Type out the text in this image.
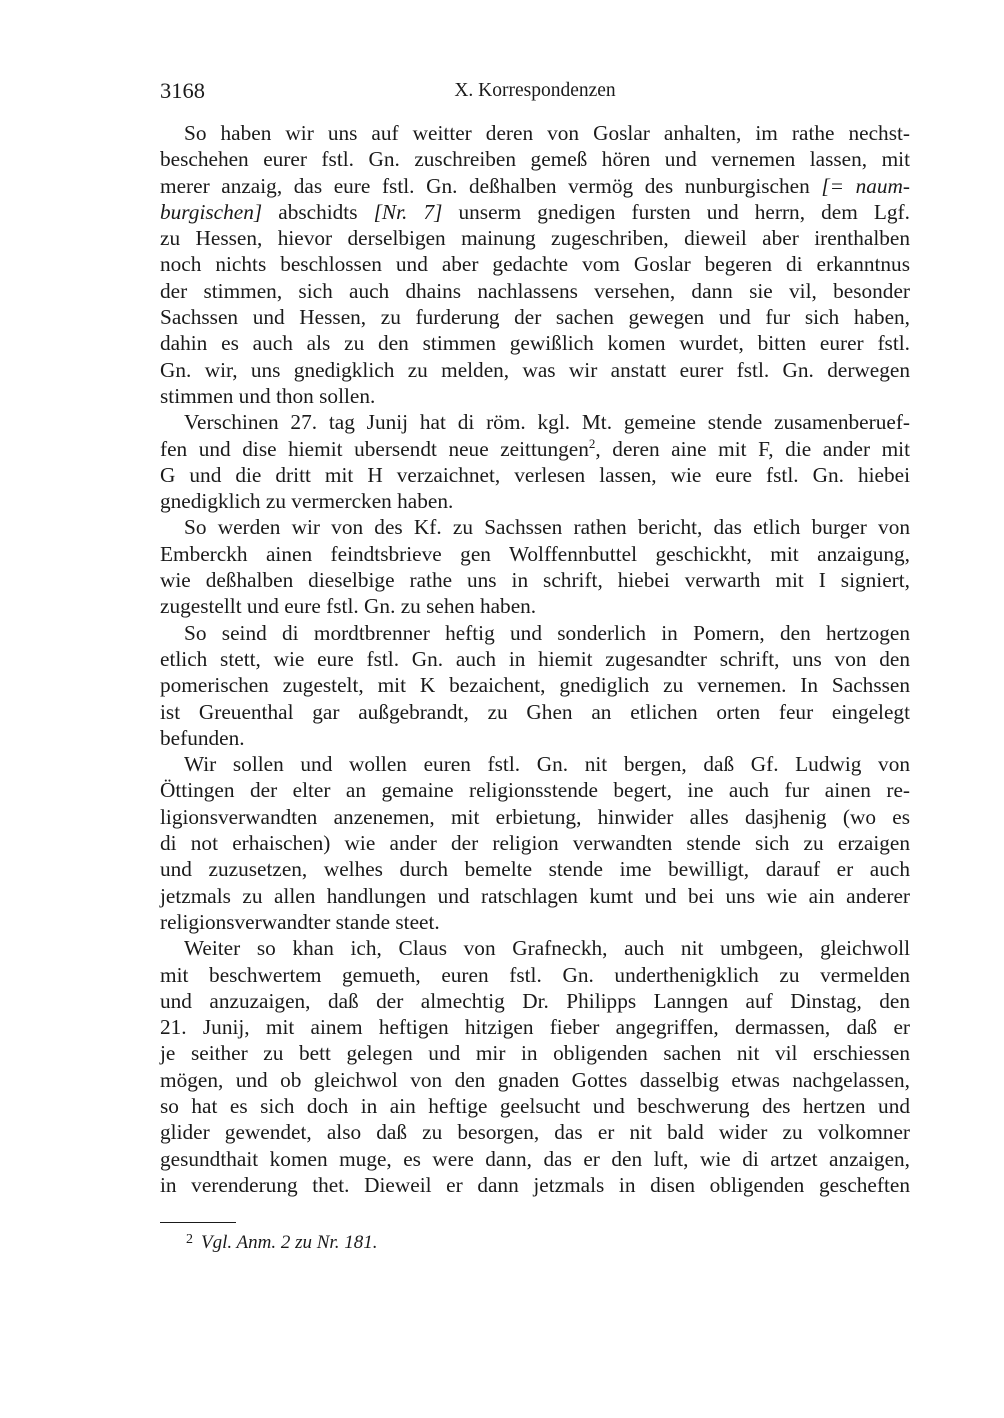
3168	X. Korrespondenzen
So haben wir uns auf weitter deren von Goslar anhalten, im rathe nechst-
beschehen eurer fstl. Gn. zuschreiben gemeß hören und vernemen lassen, mit
merer anzaig, das eure fstl. Gn. deßhalben vermög des nunburgischen [= naum-
burgischen] abschidts [Nr. 7] unserm gnedigen fursten und herrn, dem Lgf.
zu Hessen, hievor derselbigen mainung zugeschriben, dieweil aber irenthalben
noch nichts beschlossen und aber gedachte vom Goslar begeren di erkanntnus
der stimmen, sich auch dhains nachlassens versehen, dann sie vil, besonder
Sachssen und Hessen, zu furderung der sachen gewegen und fur sich haben,
dahin es auch als zu den stimmen gewißlich komen wurdet, bitten eurer fstl.
Gn. wir, uns gnedigklich zu melden, was wir anstatt eurer fstl. Gn. derwegen
stimmen und thon sollen.
Verschinen 27. tag Junij hat di röm. kgl. Mt. gemeine stende zusamenberuef-
fen und dise hiemit ubersendt neue zeittungen$^2$, deren aine mit F, die ander mit
G und die dritt mit H verzaichnet, verlesen lassen, wie eure fstl. Gn. hiebei
gnedigklich zu vermercken haben.
So werden wir von des Kf. zu Sachssen rathen bericht, das etlich burger von
Emberckh ainen feindtsbrieve gen Wolffennbuttel geschickht, mit anzaigung,
wie deßhalben dieselbige rathe uns in schrift, hiebei verwarth mit I signiert,
zugestellt und eure fstl. Gn. zu sehen haben.
So seind di mordtbrenner heftig und sonderlich in Pomern, den hertzogen
etlich stett, wie eure fstl. Gn. auch in hiemit zugesandter schrift, uns von den
pomerischen zugestelt, mit K bezaichent, gnediglich zu vernemen. In Sachssen
ist Greuenthal gar außgebrandt, zu Ghen an etlichen orten feur eingelegt
befunden.
Wir sollen und wollen euren fstl. Gn. nit bergen, daß Gf. Ludwig von
Öttingen der elter an gemaine religionsstende begert, ine auch fur ainen re-
ligionsverwandten anzenemen, mit erbietung, hinwider alles dasjhenig (wo es
di not erhaischen) wie ander der religion verwandten stende sich zu erzaigen
und zuzusetzen, welhes durch bemelte stende ime bewilligt, darauf er auch
jetzmals zu allen handlungen und ratschlagen kumt und bei uns wie ain anderer
religionsverwandter stande steet.
Weiter so khan ich, Claus von Grafneckh, auch nit umbgeen, gleichwoll
mit beschwertem gemueth, euren fstl. Gn. underthenigklich zu vermelden
und anzuzaigen, daß der almechtig Dr. Philipps Lanngen auf Dinstag, den
21. Junij, mit ainem heftigen hitzigen fieber angegriffen, dermassen, daß er
je seither zu bett gelegen und mir in obligenden sachen nit vil erschiessen
mögen, und ob gleichwol von den gnaden Gottes dasselbig etwas nachgelassen,
so hat es sich doch in ain heftige geelsucht und beschwerung des hertzen und
glider gewendet, also daß zu besorgen, das er nit bald wider zu volkomner
gesundthait komen muge, es were dann, das er den luft, wie di artzet anzaigen,
in verenderung thet. Dieweil er dann jetzmals in disen obligenden gescheften
$^2$ Vgl. Anm. 2 zu Nr. 181.
